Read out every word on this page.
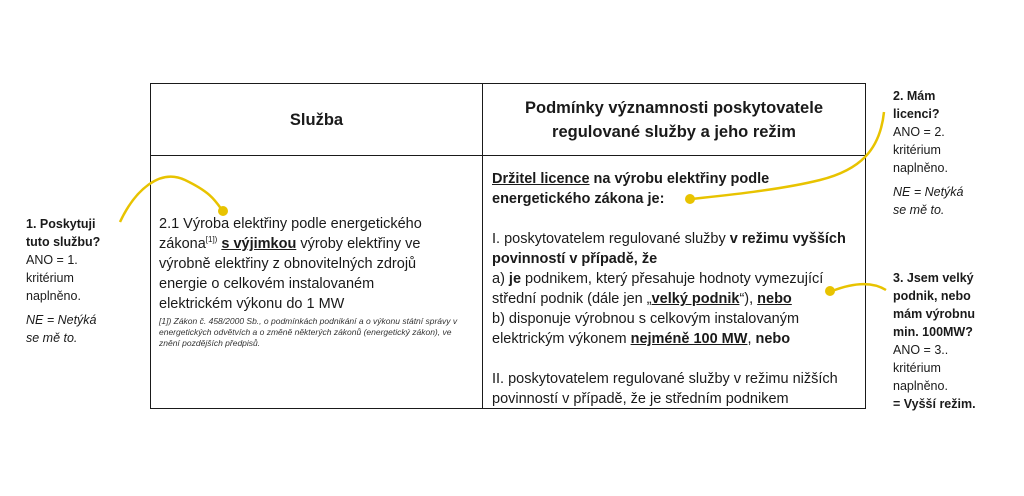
Služba
Podmínky významnosti poskytovatele
regulované služby a jeho režim
2.1 Výroba elektřiny podle energetického zákona$^{[1])}$ s výjimkou výroby elektřiny ve výrobně elektřiny z obnovitelných zdrojů energie o celkovém instalovaném elektrickém výkonu do 1 MW
[1]) Zákon č. 458/2000 Sb., o podmínkách podnikání a o výkonu státní správy v energetických odvětvích a o změně některých zákonů (energetický zákon), ve znění pozdějších předpisů.
Držitel licence na výrobu elektřiny podle energetického zákona je:
I. poskytovatelem regulované služby v režimu vyšších povinností v případě, že
a) je podnikem, který přesahuje hodnoty vymezující střední podnik (dále jen „velký podnik“), nebo
b) disponuje výrobnou s celkovým instalovaným elektrickým výkonem nejméně 100 MW, nebo
II. poskytovatelem regulované služby v režimu nižších povinností v případě, že je středním podnikem
1. Poskytuji
tuto službu?
ANO = 1.
kritérium
naplněno.
NE = Netýká
se mě to.
2. Mám
licenci?
ANO = 2.
kritérium
naplněno.
NE = Netýká
se mě to.
3. Jsem velký
podnik, nebo
mám výrobnu
min. 100MW?
ANO = 3..
kritérium
naplněno.
= Vyšší režim.
